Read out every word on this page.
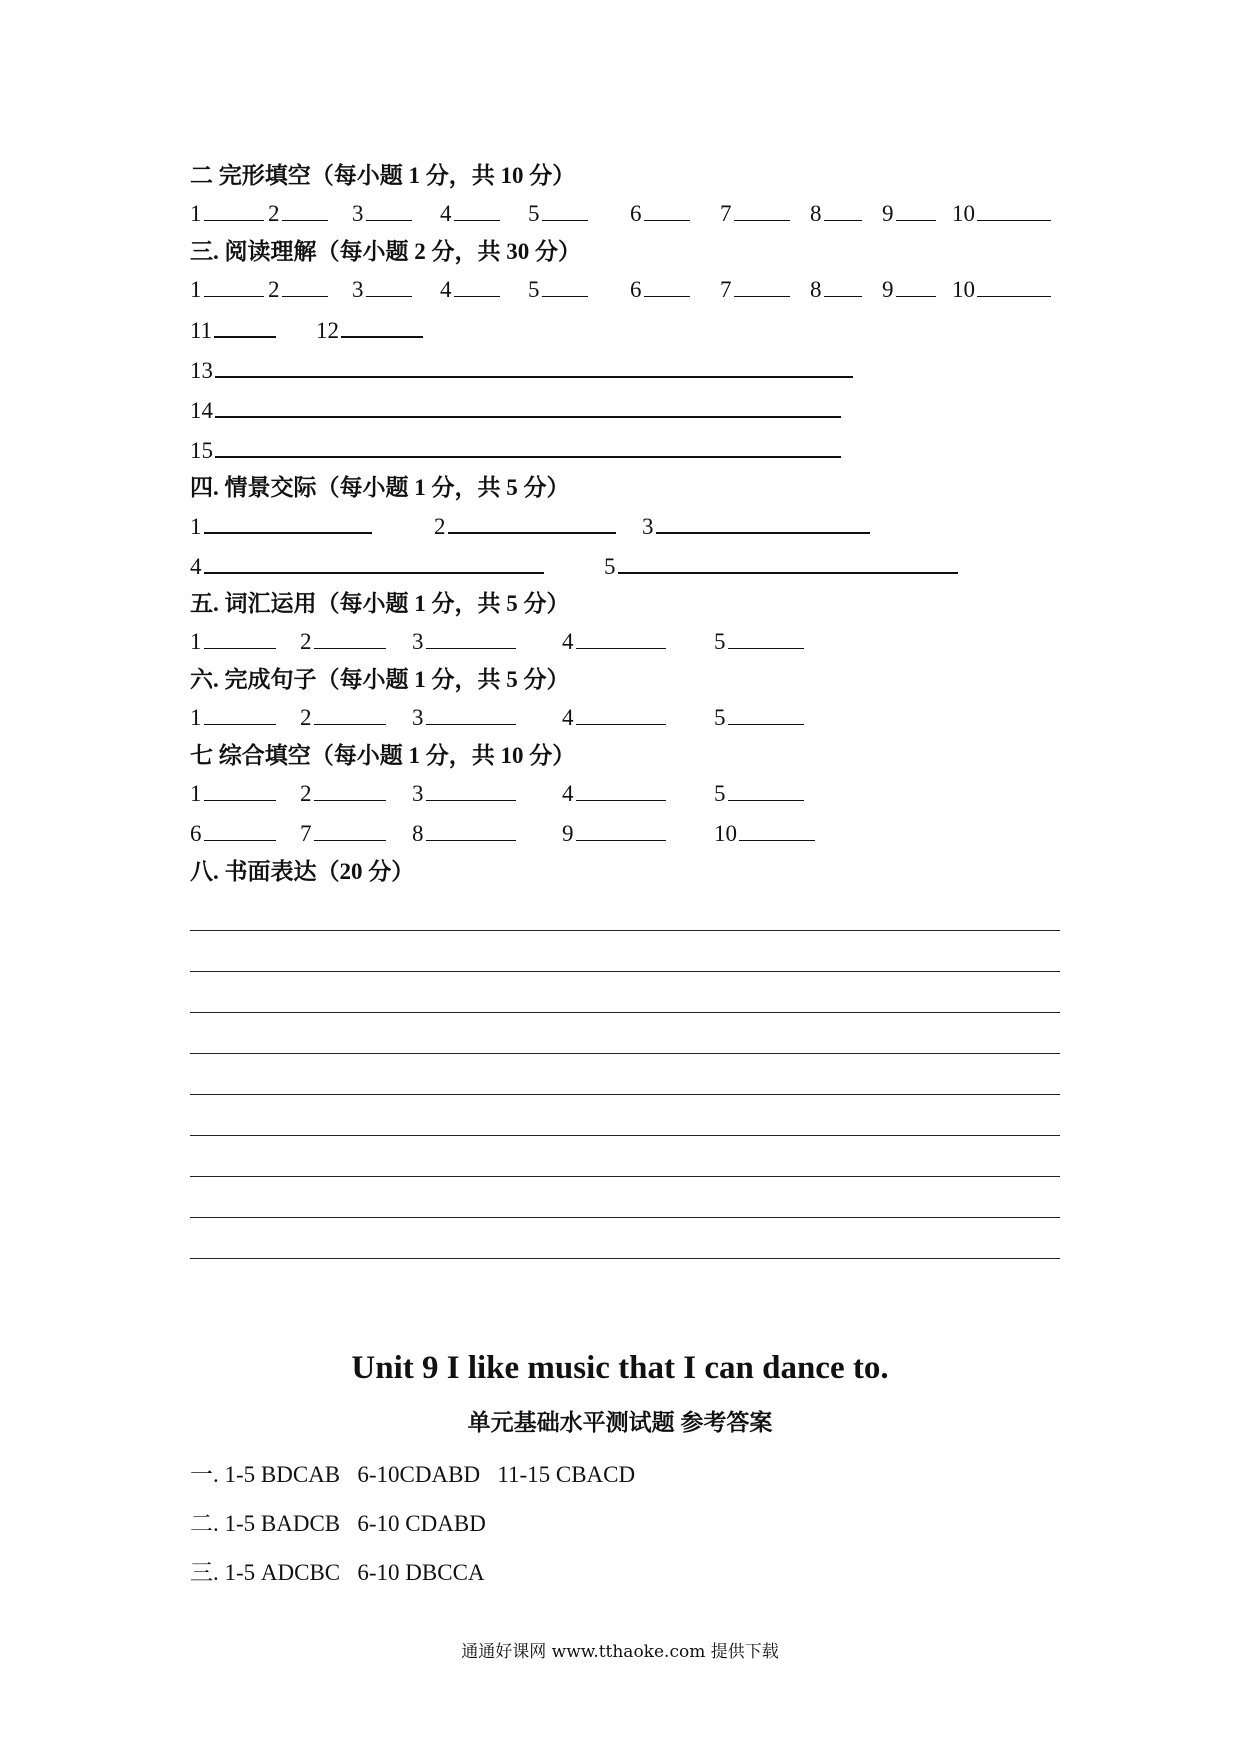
二 完形填空（每小题 1 分，共 10 分）
1	2	3	4	5	6	7	8	9	10
三. 阅读理解（每小题 2 分，共 30 分）
1	2	3	4	5	6	7	8	9	10
11	12
13
14
15
四. 情景交际（每小题 1 分，共 5 分）
1	2	3
4	5
五. 词汇运用（每小题 1 分，共 5 分）
1	2	3	4	5
六. 完成句子（每小题 1 分，共 5 分）
1	2	3	4	5
七 综合填空（每小题 1 分，共 10 分）
1	2	3	4	5
6	7	8	9	10
八. 书面表达（20 分）
Unit 9 I like music that I can dance to.
单元基础水平测试题 参考答案
一. 1-5 BDCAB   6-10CDABD   11-15 CBACD
二. 1-5 BADCB   6-10 CDABD
三. 1-5 ADCBC   6-10 DBCCA
通通好课网 www.tthaoke.com 提供下载
